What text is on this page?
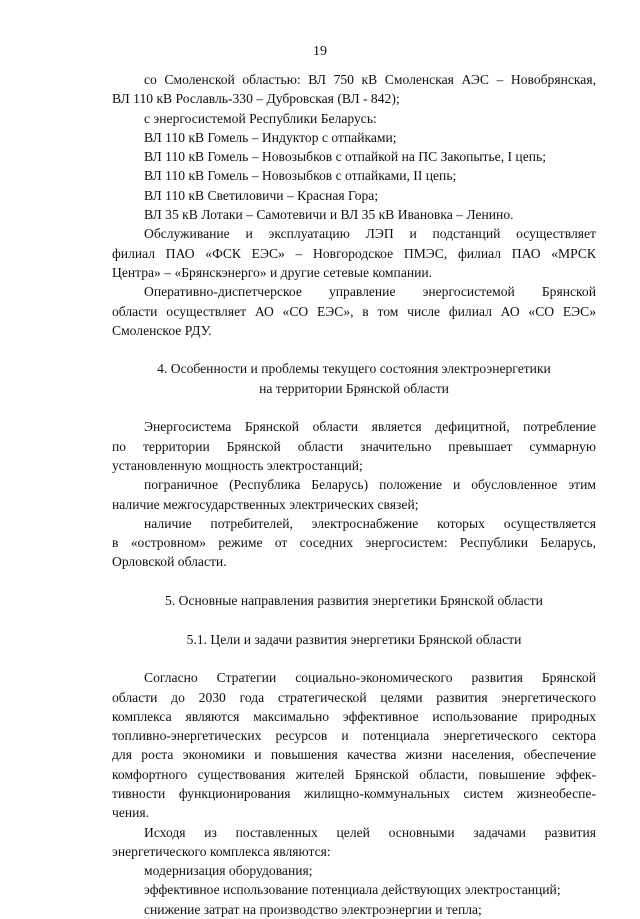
19
со Смоленской областью: ВЛ 750 кВ Смоленская АЭС – Новобрянская,
ВЛ 110 кВ Рославль-330 – Дубровская (ВЛ - 842);
с энергосистемой Республики Беларусь:
ВЛ 110 кВ Гомель – Индуктор с отпайками;
ВЛ 110 кВ Гомель – Новозыбков с отпайкой на ПС Закопытье, I цепь;
ВЛ 110 кВ Гомель – Новозыбков с отпайками, II цепь;
ВЛ 110 кВ Светиловичи – Красная Гора;
ВЛ 35 кВ Лотаки – Самотевичи и ВЛ 35 кВ Ивановка – Ленино.
Обслуживание и эксплуатацию ЛЭП и подстанций осуществляет
филиал ПАО «ФСК ЕЭС» – Новгородское ПМЭС, филиал ПАО «МРСК
Центра» – «Брянскэнерго» и другие сетевые компании.
Оперативно-диспетчерское управление энергосистемой Брянской
области осуществляет АО «СО ЕЭС», в том числе филиал АО «СО ЕЭС»
Смоленское РДУ.
4. Особенности и проблемы текущего состояния электроэнергетики
на территории Брянской области
Энергосистема Брянской области является дефицитной, потребление
по территории Брянской области значительно превышает суммарную
установленную мощность электростанций;
пограничное (Республика Беларусь) положение и обусловленное этим
наличие межгосударственных электрических связей;
наличие потребителей, электроснабжение которых осуществляется
в «островном» режиме от соседних энергосистем: Республики Беларусь,
Орловской области.
5. Основные направления развития энергетики Брянской области
5.1. Цели и задачи развития энергетики Брянской области
Согласно Стратегии социально-экономического развития Брянской
области до 2030 года стратегической целями развития энергетического
комплекса являются максимально эффективное использование природных
топливно-энергетических ресурсов и потенциала энергетического сектора
для роста экономики и повышения качества жизни населения, обеспечение
комфортного существования жителей Брянской области, повышение эффек-
тивности функционирования жилищно-коммунальных систем жизнеобеспе-
чения.
Исходя из поставленных целей основными задачами развития
энергетического комплекса являются:
модернизация оборудования;
эффективное использование потенциала действующих электростанций;
снижение затрат на производство электроэнергии и тепла;
